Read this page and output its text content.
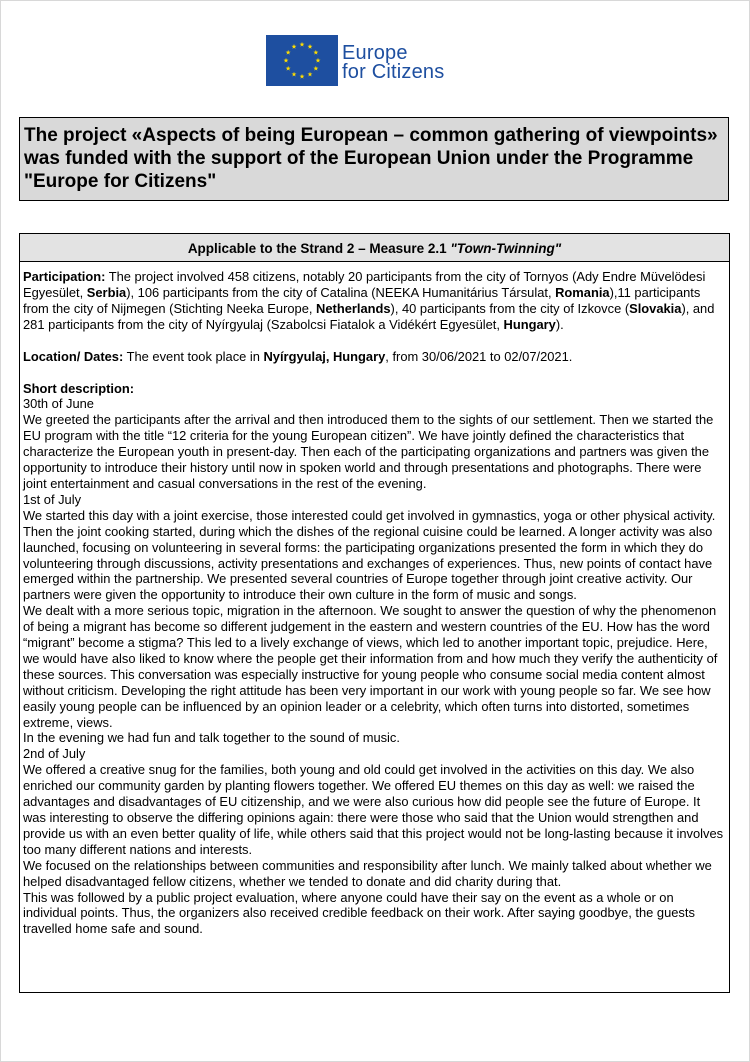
Europe
for Citizens
The project «Aspects of being European – common gathering of viewpoints» was funded with the support of the European Union under the Programme "Europe for Citizens"
Applicable to the Strand 2 – Measure 2.1 "Town-Twinning"

Participation: The project involved 458 citizens, notably 20 participants from the city of Tornyos (Ady Endre Müvelödesi Egyesület, Serbia), 106 participants from the city of Catalina (NEEKA Humanitárius Társulat, Romania),11 participants from the city of Nijmegen (Stichting Neeka Europe, Netherlands), 40 participants from the city of Izkovce (Slovakia), and 281 participants from the city of Nyírgyulaj (Szabolcsi Fiatalok a Vidékért Egyesület, Hungary).

Location/ Dates: The event took place in Nyírgyulaj, Hungary, from 30/06/2021 to 02/07/2021.

Short description:

30th of June

We greeted the participants after the arrival and then introduced them to the sights of our settlement. Then we started the EU program with the title “12 criteria for the young European citizen”. We have jointly defined the characteristics that characterize the European youth in present-day. Then each of the participating organizations and partners was given the opportunity to introduce their history until now in spoken world and through presentations and photographs. There were joint entertainment and casual conversations in the rest of the evening.

1st of July

We started this day with a joint exercise, those interested could get involved in gymnastics, yoga or other physical activity. Then the joint cooking started, during which the dishes of the regional cuisine could be learned. A longer activity was also launched, focusing on volunteering in several forms: the participating organizations presented the form in which they do volunteering through discussions, activity presentations and exchanges of experiences. Thus, new points of contact have emerged within the partnership. We presented several countries of Europe together through joint creative activity. Our partners were given the opportunity to introduce their own culture in the form of music and songs.

We dealt with a more serious topic, migration in the afternoon. We sought to answer the question of why the phenomenon of being a migrant has become so different judgement in the eastern and western countries of the EU. How has the word “migrant” become a stigma? This led to a lively exchange of views, which led to another important topic, prejudice. Here, we would have also liked to know where the people get their information from and how much they verify the authenticity of these sources. This conversation was especially instructive for young people who consume social media content almost without criticism. Developing the right attitude has been very important in our work with young people so far. We see how easily young people can be influenced by an opinion leader or a celebrity, which often turns into distorted, sometimes extreme, views.

In the evening we had fun and talk together to the sound of music.

2nd of July

We offered a creative snug for the families, both young and old could get involved in the activities on this day. We also enriched our community garden by planting flowers together. We offered EU themes on this day as well: we raised the advantages and disadvantages of EU citizenship, and we were also curious how did people see the future of Europe. It was interesting to observe the differing opinions again: there were those who said that the Union would strengthen and provide us with an even better quality of life, while others said that this project would not be long-lasting because it involves too many different nations and interests.

We focused on the relationships between communities and responsibility after lunch. We mainly talked about whether we helped disadvantaged fellow citizens, whether we tended to donate and did charity during that.

This was followed by a public project evaluation, where anyone could have their say on the event as a whole or on individual points. Thus, the organizers also received credible feedback on their work. After saying goodbye, the guests travelled home safe and sound.
